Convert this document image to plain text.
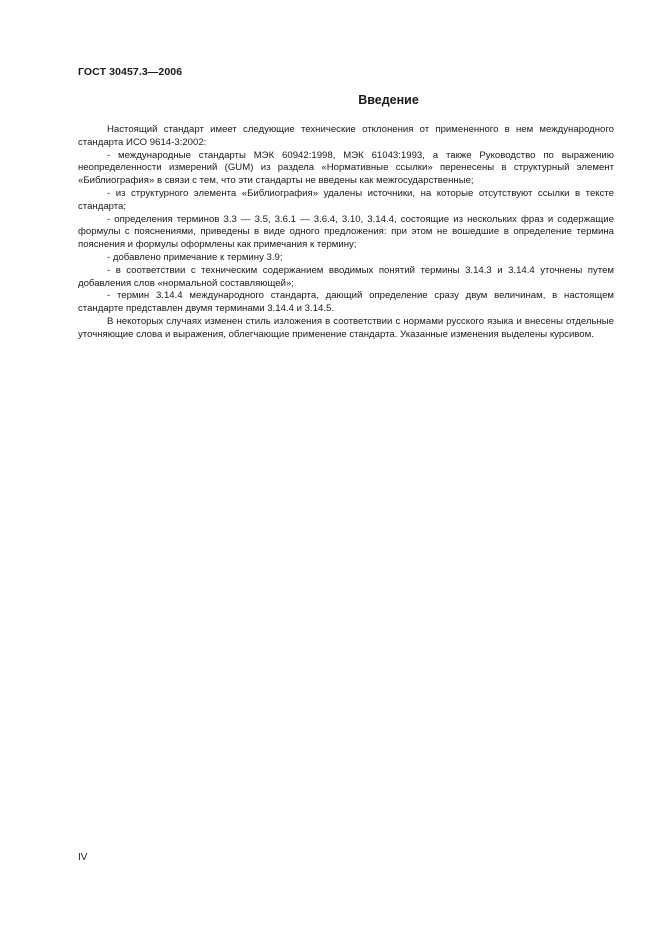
ГОСТ 30457.3—2006
Введение

Настоящий стандарт имеет следующие технические отклонения от примененного в нем международного стандарта ИСО 9614-3:2002:

- международные стандарты МЭК 60942:1998, МЭК 61043:1993, а также Руководство по выражению неопределенности измерений (GUM) из раздела «Нормативные ссылки» перенесены в структурный элемент «Библиография» в связи с тем, что эти стандарты не введены как межгосударственные;

- из структурного элемента «Библиография» удалены источники, на которые отсутствуют ссылки в тексте стандарта;

- определения терминов 3.3 — 3.5, 3.6.1 — 3.6.4, 3.10, 3.14.4, состоящие из нескольких фраз и содержащие формулы с пояснениями, приведены в виде одного предложения: при этом не вошедшие в определение термина пояснения и формулы оформлены как примечания к термину;

- добавлено примечание к термину 3.9;

- в соответствии с техническим содержанием вводимых понятий термины 3.14.3 и 3.14.4 уточнены путем добавления слов «нормальной составляющей»;

- термин 3.14.4 международного стандарта, дающий определение сразу двум величинам, в настоящем стандарте представлен двумя терминами 3.14.4 и 3.14.5.

В некоторых случаях изменен стиль изложения в соответствии с нормами русского языка и внесены отдельные уточняющие слова и выражения, облегчающие применение стандарта. Указанные изменения выделены курсивом.

IV
